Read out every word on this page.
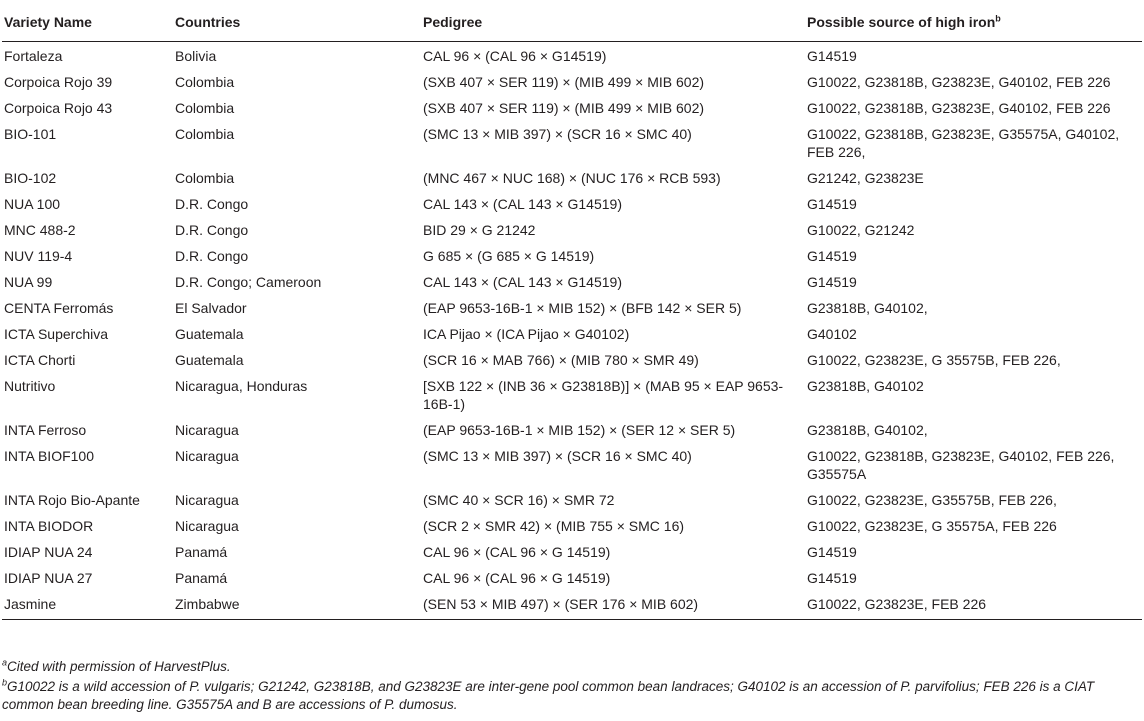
Variety Name	Countries	Pedigree	Possible source of high iron$^b$
Fortaleza	Bolivia	CAL 96 × (CAL 96 × G14519)	G14519
Corpoica Rojo 39	Colombia	(SXB 407 × SER 119) × (MIB 499 × MIB 602)	G10022, G23818B, G23823E, G40102, FEB 226
Corpoica Rojo 43	Colombia	(SXB 407 × SER 119) × (MIB 499 × MIB 602)	G10022, G23818B, G23823E, G40102, FEB 226
BIO-101	Colombia	(SMC 13 × MIB 397) × (SCR 16 × SMC 40)	G10022, G23818B, G23823E, G35575A, G40102, FEB 226,
BIO-102	Colombia	(MNC 467 × NUC 168) × (NUC 176 × RCB 593)	G21242, G23823E
NUA 100	D.R. Congo	CAL 143 × (CAL 143 × G14519)	G14519
MNC 488-2	D.R. Congo	BID 29 × G 21242	G10022, G21242
NUV 119-4	D.R. Congo	G 685 × (G 685 × G 14519)	G14519
NUA 99	D.R. Congo; Cameroon	CAL 143 × (CAL 143 × G14519)	G14519
CENTA Ferromás	El Salvador	(EAP 9653-16B-1 × MIB 152) × (BFB 142 × SER 5)	G23818B, G40102,
ICTA Superchiva	Guatemala	ICA Pijao × (ICA Pijao × G40102)	G40102
ICTA Chorti	Guatemala	(SCR 16 × MAB 766) × (MIB 780 × SMR 49)	G10022, G23823E, G 35575B, FEB 226,
Nutritivo	Nicaragua, Honduras	[SXB 122 × (INB 36 × G23818B)] × (MAB 95 × EAP 9653-16B-1)	G23818B, G40102
INTA Ferroso	Nicaragua	(EAP 9653-16B-1 × MIB 152) × (SER 12 × SER 5)	G23818B, G40102,
INTA BIOF100	Nicaragua	(SMC 13 × MIB 397) × (SCR 16 × SMC 40)	G10022, G23818B, G23823E, G40102, FEB 226, G35575A
INTA Rojo Bio-Apante	Nicaragua	(SMC 40 × SCR 16) × SMR 72	G10022, G23823E, G35575B, FEB 226,
INTA BIODOR	Nicaragua	(SCR 2 × SMR 42) × (MIB 755 × SMC 16)	G10022, G23823E, G 35575A, FEB 226
IDIAP NUA 24	Panamá	CAL 96 × (CAL 96 × G 14519)	G14519
IDIAP NUA 27	Panamá	CAL 96 × (CAL 96 × G 14519)	G14519
Jasmine	Zimbabwe	(SEN 53 × MIB 497) × (SER 176 × MIB 602)	G10022, G23823E, FEB 226

$^a$Cited with permission of HarvestPlus.

$^b$G10022 is a wild accession of P. vulgaris; G21242, G23818B, and G23823E are inter-gene pool common bean landraces; G40102 is an accession of P. parvifolius; FEB 226 is a CIAT common bean breeding line. G35575A and B are accessions of P. dumosus.
